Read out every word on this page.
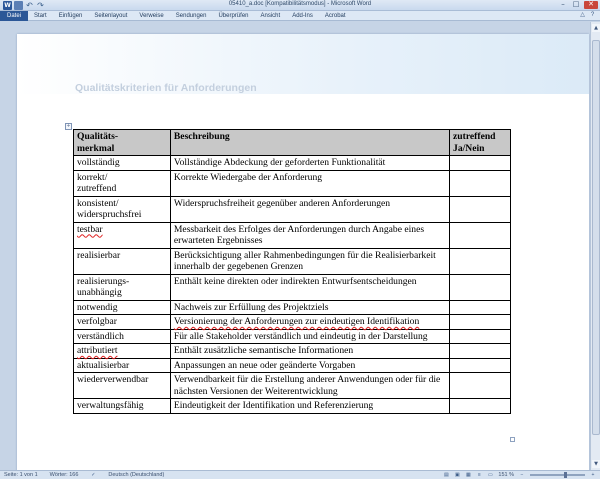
W ↶ ↷	05410_a.doc [Kompatibilitätsmodus] - Microsoft Word	–	□	✕
Datei	Start	Einfügen	Seitenlayout	Verweise	Sendungen	Überprüfen	Ansicht	Add-Ins	Acrobat	△	?
Qualitätskriterien für Anforderungen
+
Qualitäts-
merkmal	Beschreibung	zutreffend
Ja/Nein
vollständig	Vollständige Abdeckung der geforderten Funktionalität	
korrekt/
zutreffend	Korrekte Wiedergabe der Anforderung	
konsistent/
widerspruchsfrei	Widerspruchsfreiheit gegenüber anderen Anforderungen	
testbar	Messbarkeit des Erfolges der Anforderungen durch Angabe eines erwarteten Ergebnisses	
realisierbar	Berücksichtigung aller Rahmenbedingungen für die Realisierbarkeit innerhalb der gegebenen Grenzen	
realisierungs-
unabhängig	Enthält keine direkten oder indirekten Entwurfsentscheidungen	
notwendig	Nachweis zur Erfüllung des Projektziels	
verfolgbar	Versionierung der Anforderungen zur eindeutigen Identifikation	
verständlich	Für alle Stakeholder verständlich und eindeutig in der Darstellung	
attributiert	Enthält zusätzliche semantische Informationen	
aktualisierbar	Anpassungen an neue oder geänderte Vorgaben	
wiederverwendbar	Verwendbarkeit für die Erstellung anderer Anwendungen oder für die nächsten Versionen der Weiterentwicklung	
verwaltungsfähig	Eindeutigkeit der Identifikation und Referenzierung	
▲
▼
Seite: 1 von 1 Wörter: 166	✓ Deutsch (Deutschland)	▤ ▣ ▦	≡	▭ 151 %	−	+
